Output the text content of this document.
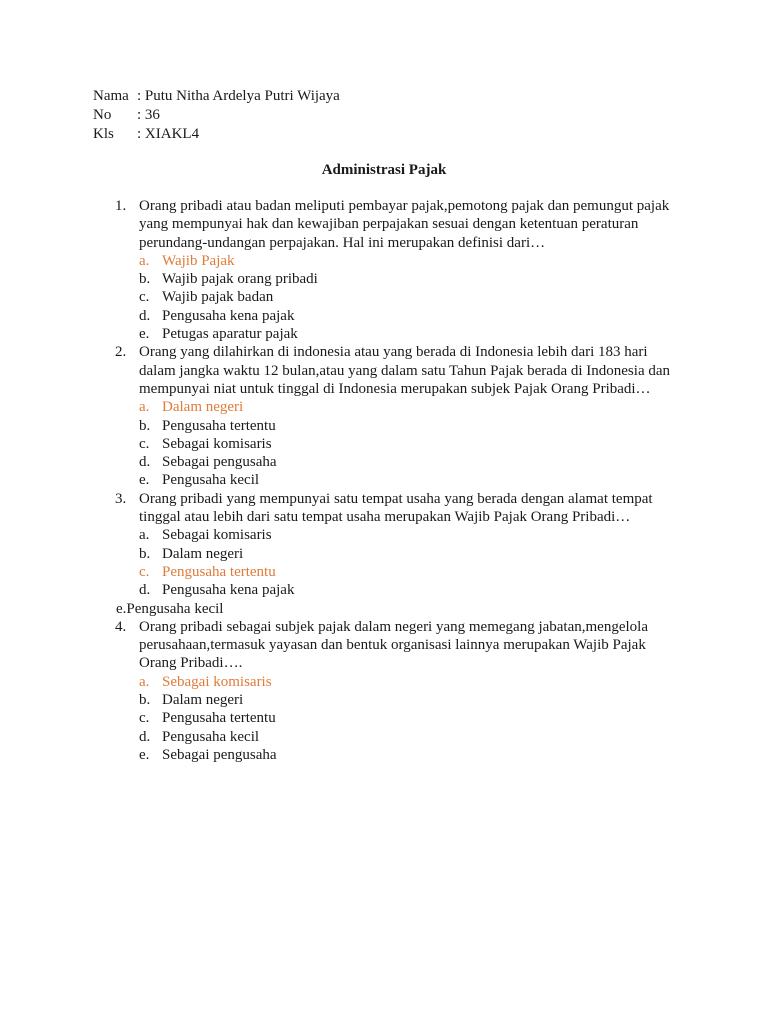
Nama : Putu Nitha Ardelya Putri Wijaya
No	: 36
Kls	: XIAKL4
Administrasi Pajak
1. Orang pribadi atau badan meliputi pembayar pajak,pemotong pajak dan pemungut pajak yang mempunyai hak dan kewajiban perpajakan sesuai dengan ketentuan peraturan perundang-undangan perpajakan. Hal ini merupakan definisi dari…
a. Wajib Pajak
b. Wajib pajak orang pribadi
c. Wajib pajak badan
d. Pengusaha kena pajak
e. Petugas aparatur pajak
2. Orang yang dilahirkan di indonesia atau yang berada di Indonesia lebih dari 183 hari dalam jangka waktu 12 bulan,atau yang dalam satu Tahun Pajak berada di Indonesia dan mempunyai niat untuk tinggal di Indonesia merupakan subjek Pajak Orang Pribadi…
a. Dalam negeri
b. Pengusaha tertentu
c. Sebagai komisaris
d. Sebagai pengusaha
e. Pengusaha kecil
3. Orang pribadi yang mempunyai satu tempat usaha yang berada dengan alamat tempat tinggal atau lebih dari satu tempat usaha merupakan Wajib Pajak Orang Pribadi…
a. Sebagai komisaris
b. Dalam negeri
c. Pengusaha tertentu
d. Pengusaha kena pajak
e.Pengusaha kecil
4. Orang pribadi sebagai subjek pajak dalam negeri yang memegang jabatan,mengelola perusahaan,termasuk yayasan dan bentuk organisasi lainnya merupakan Wajib Pajak Orang Pribadi….
a. Sebagai komisaris
b. Dalam negeri
c. Pengusaha tertentu
d. Pengusaha kecil
e. Sebagai pengusaha
